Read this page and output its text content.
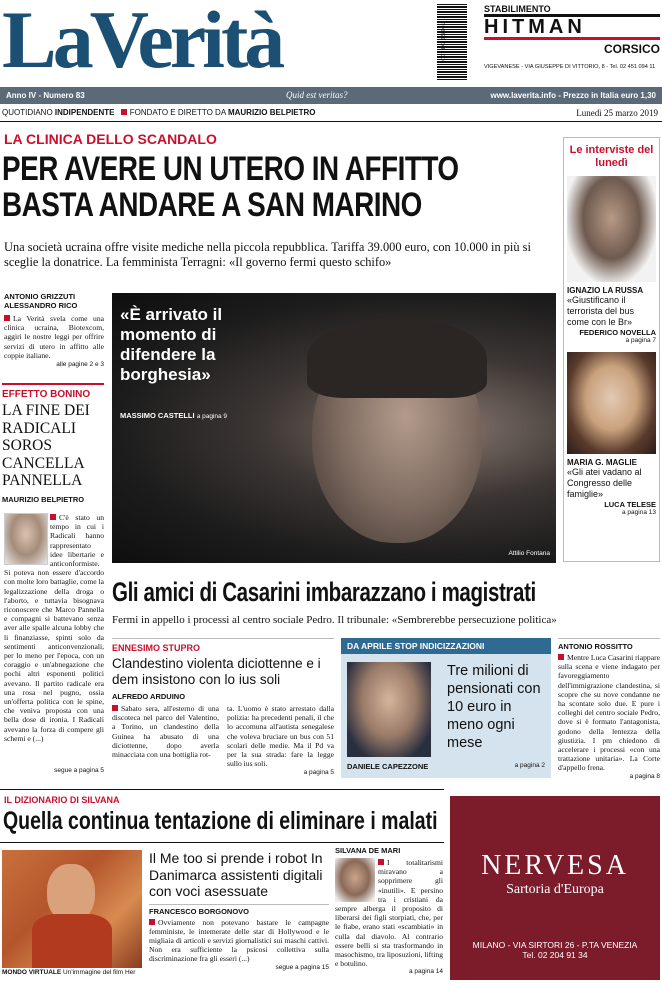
LaVerità	9 771 843 168001
STABILIMENTO
HITMAN
CORSICO
VIGEVANESE - VIA GIUSEPPE DI VITTORIO, 8 - Tel. 02 451 094 11
Anno IV - Numero 83	Quid est veritas?	www.laverita.info - Prezzo in Italia euro 1,30
QUOTIDIANO INDIPENDENTE FONDATO E DIRETTO DA MAURIZIO BELPIETRO	Lunedì 25 marzo 2019
LA CLINICA DELLO SCANDALO
PER AVERE UN UTERO IN AFFITTO
BASTA ANDARE A SAN MARINO
Una società ucraina offre visite mediche nella piccola repubblica. Tariffa 39.000 euro, con 10.000 in più si sceglie la donatrice. La femminista Terragni: «Il governo fermi questo schifo»
ANTONIO GRIZZUTI
ALESSANDRO RICO
La Verità svela come una clinica ucraina, Biotexcom, aggiri le nostre leggi per offrire servizi di utero in affitto alle coppie italiane.
alle pagine 2 e 3
«È arrivato il momento di difendere la borghesia»
MASSIMO CASTELLI a pagina 9
Attilio Fontana
EFFETTO BONINO
LA FINE DEI RADICALI SOROS CANCELLA PANNELLA
MAURIZIO BELPIETRO
C'è stato un tempo in cui i Radicali hanno rappresentato idee libertarie e anticonformiste. Si poteva non essere d'accordo con molte loro battaglie, come la legalizzazione della droga o l'aborto, e tuttavia bisognava riconoscere che Marco Pannella e compagni si battevano senza aver alle spalle alcuna lobby che li finanziasse, spinti solo da sentimenti anticonvenzionali, per lo meno per l'epoca, con un coraggio e un'abnegazione che pochi altri esponenti politici avevano. Il partito radicale era una rosa nel pugno, ossia un'offerta politica con le spine, che veniva proposta con una bella dose di ironia. I Radicali avevano la forza di compere gli schemi e (...)
segue a pagina 5
Le interviste del lunedì
IGNAZIO LA RUSSA
«Giustificano il terrorista del bus come con le Br»
FEDERICO NOVELLA
a pagina 7
MARIA G. MAGLIE
«Gli atei vadano al Congresso delle famiglie»
LUCA TELESE
a pagina 13
Gli amici di Casarini imbarazzano i magistrati
Fermi in appello i processi al centro sociale Pedro. Il tribunale: «Sembrerebbe persecuzione politica»
ENNESIMO STUPRO
Clandestino violenta diciottenne e i dem insistono con lo ius soli
ALFREDO ARDUINO
Sabato sera, all'esterno di una discoteca nel parco del Valentino, a Torino, un clandestino della Guinea ha abusato di una diciottenne, dopo averla minacciata con una bottiglia rot-
ta. L'uomo è stato arrestato dalla polizia: ha precedenti penali, il che lo accomuna all'autista senegalese che voleva bruciare un bus con 51 scolari delle medie. Ma il Pd va per la sua strada: fare la legge sullo ius soli.
a pagina 5
DA APRILE STOP INDICIZZAZIONI
Tre milioni di pensionati con 10 euro in meno ogni mese
DANIELE CAPEZZONE	a pagina 2
ANTONIO ROSSITTO
Mentre Luca Casarini riappare sulla scena e viene indagato per favoreggiamento dell'immigrazione clandestina, si scopre che su nove condanne ne ha scontate solo due. E pure i colleghi del centro sociale Pedro, dove si è formato l'antagonista, godono della lentezza della giustizia. I pm chiedono di accelerare i processi «con una trattazione unitaria». La Corte d'appello frena.
a pagina 8
IL DIZIONARIO DI SILVANA
Quella continua tentazione di eliminare i malati
MONDO VIRTUALE Un'immagine del film Her
Il Me too si prende i robot In Danimarca assistenti digitali con voci asessuate
FRANCESCO BORGONOVO
Ovviamente non potevano bastare le campagne femministe, le intemerate delle star di Hollywood e le migliaia di articoli e servizi giornalistici sui maschi cattivi. Non era sufficiente la psicosi collettiva sulla discriminazione fra gli esseri (...)
segue a pagina 15
SILVANA DE MARI
I totalitarismi miravano a sopprimere gli «inutili». E persino tra i cristiani da sempre alberga il proposito di liberarsi dei figli storpiati, che, per le fiabe, erano stati «scambiati» in culla dal diavolo. Al contrario essere belli si sta trasformando in masochismo, tra liposuzioni, lifting e botulino.
a pagina 14
NERVESA
Sartoria d'Europa
MILANO - VIA SIRTORI 26 - P.TA VENEZIA
Tel. 02 204 91 34
